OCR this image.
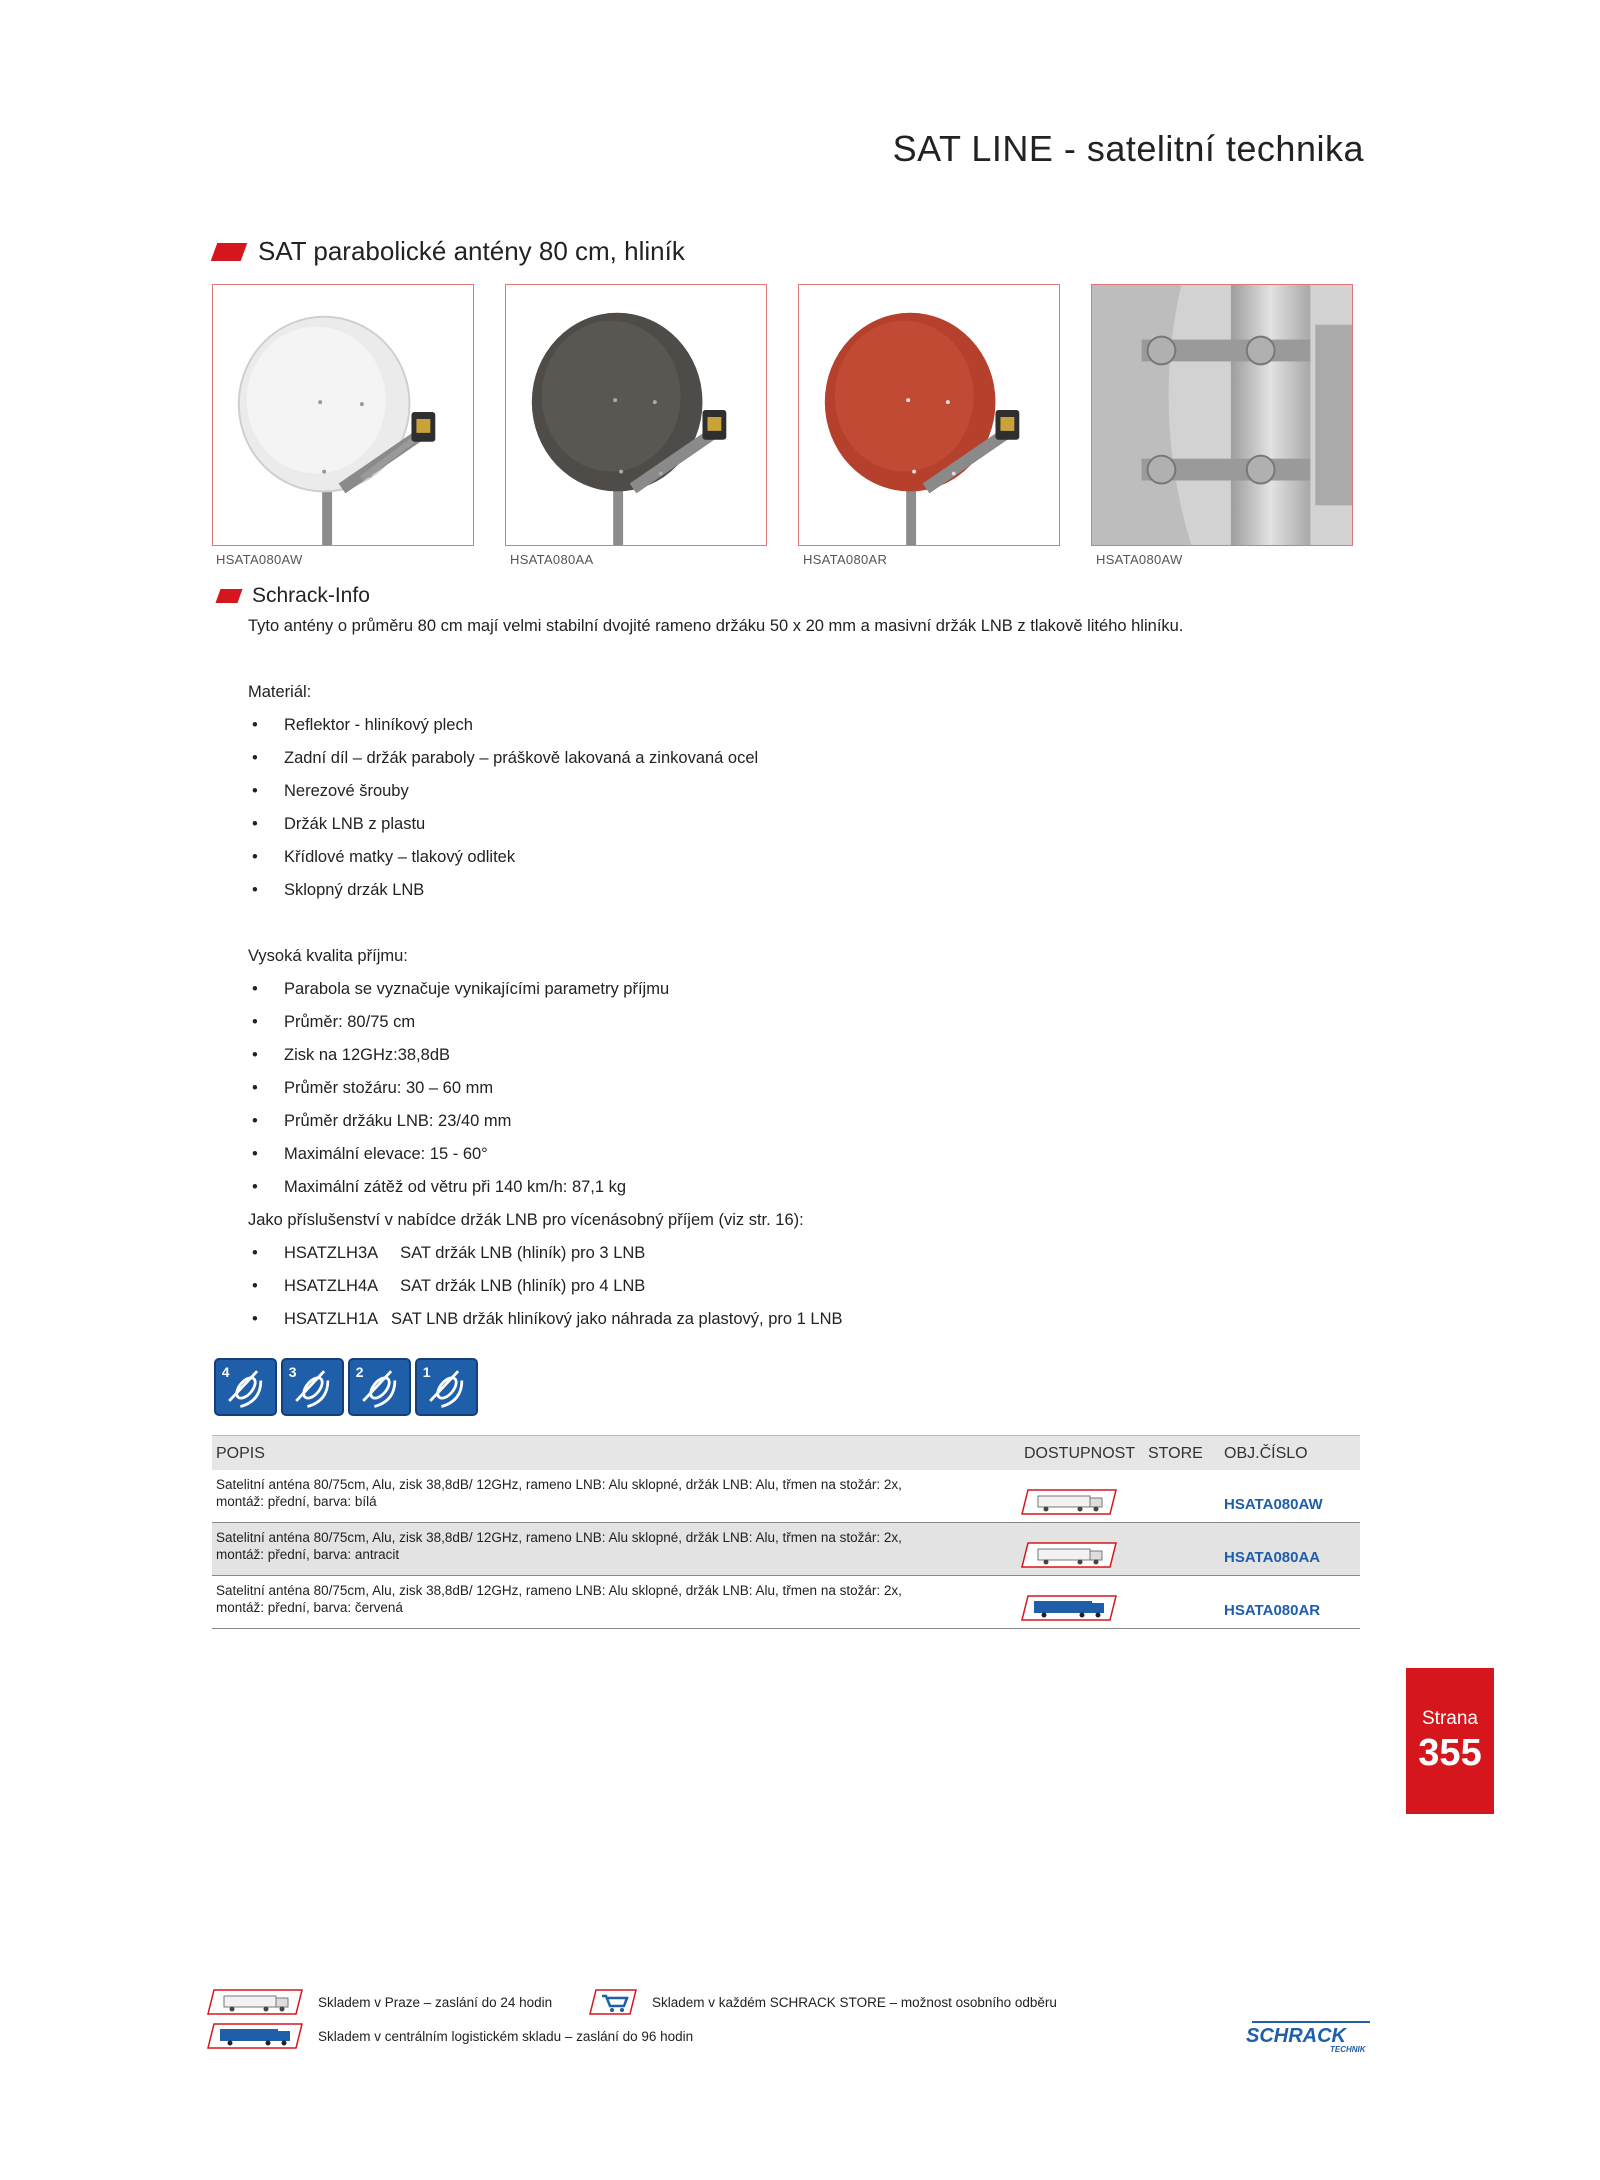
SAT LINE - satelitní technika
SAT parabolické antény 80 cm, hliník
HSATA080AW	HSATA080AA	HSATA080AR	HSATA080AW
Schrack-Info
Tyto antény o průměru 80 cm mají velmi stabilní dvojité rameno držáku 50 x 20 mm a masivní držák LNB z tlakově litého hliníku.
Materiál:
•	Reflektor - hliníkový plech
•	Zadní díl – držák paraboly – práškově lakovaná a zinkovaná ocel
•	Nerezové šrouby
•	Držák LNB z plastu
•	Křídlové matky – tlakový odlitek
•	Sklopný drzák LNB
Vysoká kvalita příjmu:
•	Parabola se vyznačuje vynikajícími parametry příjmu
•	Průměr: 80/75 cm
•	Zisk na 12GHz:38,8dB
•	Průměr stožáru: 30 – 60 mm
•	Průměr držáku LNB: 23/40 mm
•	Maximální elevace: 15 - 60°
•	Maximální zátěž od větru při 140 km/h: 87,1 kg
Jako příslušenství v nabídce držák LNB pro vícenásobný příjem (viz str. 16):
•	HSATZLH3A     SAT držák LNB (hliník) pro 3 LNB
•	HSATZLH4A     SAT držák LNB (hliník) pro 4 LNB
•	HSATZLH1A   SAT LNB držák hliníkový jako náhrada za plastový, pro 1 LNB
4	3	2	1
POPIS	DOSTUPNOST STORE OBJ.ČÍSLO
Satelitní anténa 80/75cm, Alu, zisk 38,8dB/ 12GHz, rameno LNB: Alu sklopné, držák LNB: Alu, třmen na stožár: 2x,
montáž: přední, barva: bílá	HSATA080AW
Satelitní anténa 80/75cm, Alu, zisk 38,8dB/ 12GHz, rameno LNB: Alu sklopné, držák LNB: Alu, třmen na stožár: 2x,
montáž: přední, barva: antracit	HSATA080AA
Satelitní anténa 80/75cm, Alu, zisk 38,8dB/ 12GHz, rameno LNB: Alu sklopné, držák LNB: Alu, třmen na stožár: 2x,
montáž: přední, barva: červená	HSATA080AR
Strana
355
Skladem v Praze – zaslání do 24 hodin	Skladem v každém SCHRACK STORE – možnost osobního odběru
Skladem v centrálním logistickém skladu – zaslání do 96 hodin	SCHRACK
TECHNIK
